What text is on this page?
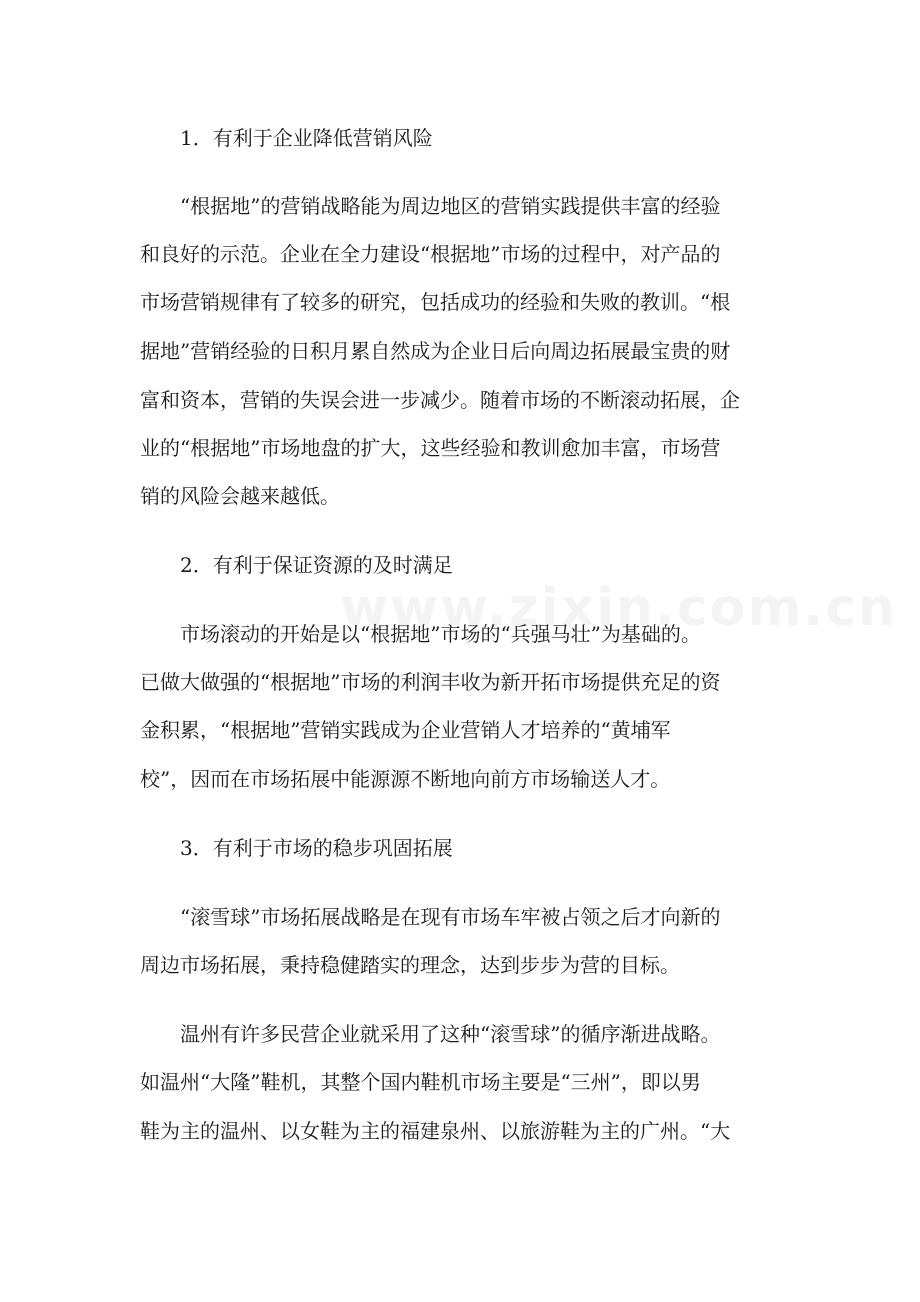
1．有利于企业降低营销风险
“根据地”的营销战略能为周边地区的营销实践提供丰富的经验
和良好的示范。企业在全力建设“根据地”市场的过程中，对产品的
市场营销规律有了较多的研究，包括成功的经验和失败的教训。“根
据地”营销经验的日积月累自然成为企业日后向周边拓展最宝贵的财
富和资本，营销的失误会进一步减少。随着市场的不断滚动拓展，企
业的“根据地”市场地盘的扩大，这些经验和教训愈加丰富，市场营
销的风险会越来越低。
2．有利于保证资源的及时满足
市场滚动的开始是以“根据地”市场的“兵强马壮”为基础的。
已做大做强的“根据地”市场的利润丰收为新开拓市场提供充足的资
金积累，“根据地”营销实践成为企业营销人才培养的“黄埔军
校”，因而在市场拓展中能源源不断地向前方市场输送人才。
3．有利于市场的稳步巩固拓展
“滚雪球”市场拓展战略是在现有市场车牢被占领之后才向新的
周边市场拓展，秉持稳健踏实的理念，达到步步为营的目标。
温州有许多民营企业就采用了这种“滚雪球”的循序渐进战略。
如温州“大隆”鞋机，其整个国内鞋机市场主要是“三州”，即以男
鞋为主的温州、以女鞋为主的福建泉州、以旅游鞋为主的广州。“大
